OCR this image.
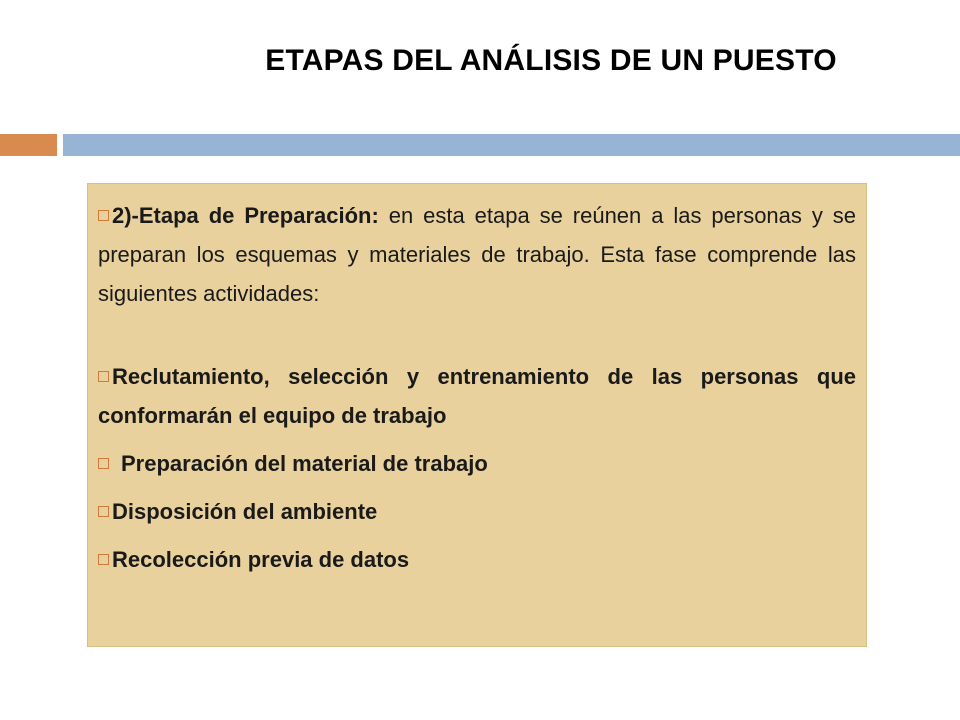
ETAPAS DEL ANÁLISIS DE UN PUESTO

2)-Etapa de Preparación: en esta etapa se reúnen a las personas y se preparan los esquemas y materiales de trabajo. Esta fase comprende las siguientes actividades:

Reclutamiento, selección y entrenamiento de las personas que conformarán el equipo de trabajo

Preparación del material de trabajo

Disposición del ambiente

Recolección previa de datos
